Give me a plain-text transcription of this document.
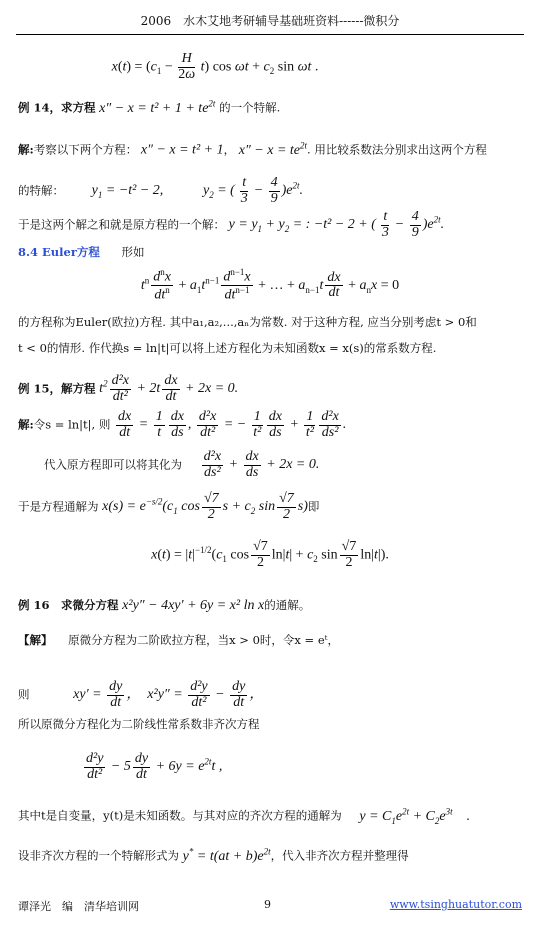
2006　水木艾地考研辅导基础班资料------微积分
$x(t) = (c_1 - \frac{H}{2\omega} t)$ $\cos \omega t + c_2$ sin ωt .
例 14，求方程 $x'' - x = t^2 + 1 + te^{2t}$ 的一个特解.
解:考察以下两个方程： x″ − x = t² + 1， $x'' - x = te^{2t}$. 用比较系数法分别求出这两个方程
的特解： $y_1 = -t^2 - 2$,	$y_2$ = ( $\frac{t}{3} - \frac{4}{9} )e^{2t}$.
于是这两个解之和就是原方程的一个解： $y = y_1 + y_2$ = : −t² − 2 + ( $\frac{t}{3} - \frac{4}{9} )e^{2t}$.
8.4 Euler方程 形如
$t^n \frac{d^nx}{dt^n} + a_1t^{n-1} \frac{d^{n-1}x}{dt^{n-1}}$ + … + $a_{n-1}t \frac{dx}{dt} + a_nx = 0$
的方程称为Euler(欧拉)方程. 其中a₁,a₂,...,aₙ为常数. 对于这种方程, 应当分别考虑t > 0和
t < 0的情形. 作代换s = ln|t|可以将上述方程化为未知函数x = x(s)的常系数方程.
例 15，解方程 $t^2 \frac{\text{d²x}}{\text{dt²}} + 2t \frac{dx}{dt} + 2x = 0$.
解:令s = ln|t|, 则 $\frac{dx}{dt} = \frac{1}{t} \frac{dx}{ds}$ , $\frac{\text{d²x}}{\text{dt²}}$ = − $\frac{1}{\text{t²}} \frac{dx}{ds} + \frac{1}{\text{t²}} \frac{\text{d²x}}{\text{ds²}}$ .
代入原方程即可以将其化为 $\frac{\text{d²x}}{\text{ds²}} + \frac{dx}{ds} + 2x = 0$.
于是方程通解为 $x(s) = e^{-s/2}(c_1$ $\cos \frac{√7}{2}$ $s + c_2$ $\sin \frac{√7}{2} s$)即
$x(t) = |t|^{-1/2}(c_1$ $\cos \frac{√7}{2} \ln|t| + c_2$ $\sin \frac{√7}{2} \ln|t|$).
例 16　求微分方程 x²y″ − 4xy′ + 6y = x² ln x的通解。
【解】 原微分方程为二阶欧拉方程，当x > 0时，令x = eᵗ，
则	$xy' = \frac{dy}{dt}$ ，　$x^2y'' = \frac{\text{d²y}}{\text{dt²}} - \frac{dy}{dt}$ ，
所以原微分方程化为二阶线性常系数非齐次方程
$\frac{\text{d²y}}{\text{dt²}} - 5 \frac{dy}{dt} + 6y = e^{2t}t$ ,
其中t是自变量，y(t)是未知函数。与其对应的齐次方程的通解为 $y = C_1e^{2t} + C_2e^{3t}$　.
设非齐次方程的一个特解形式为 $y^* = t(at + b)e^{2t}$，代入非齐次方程并整理得
谭泽光　编　清华培训网	9	www.tsinghuatutor.com
